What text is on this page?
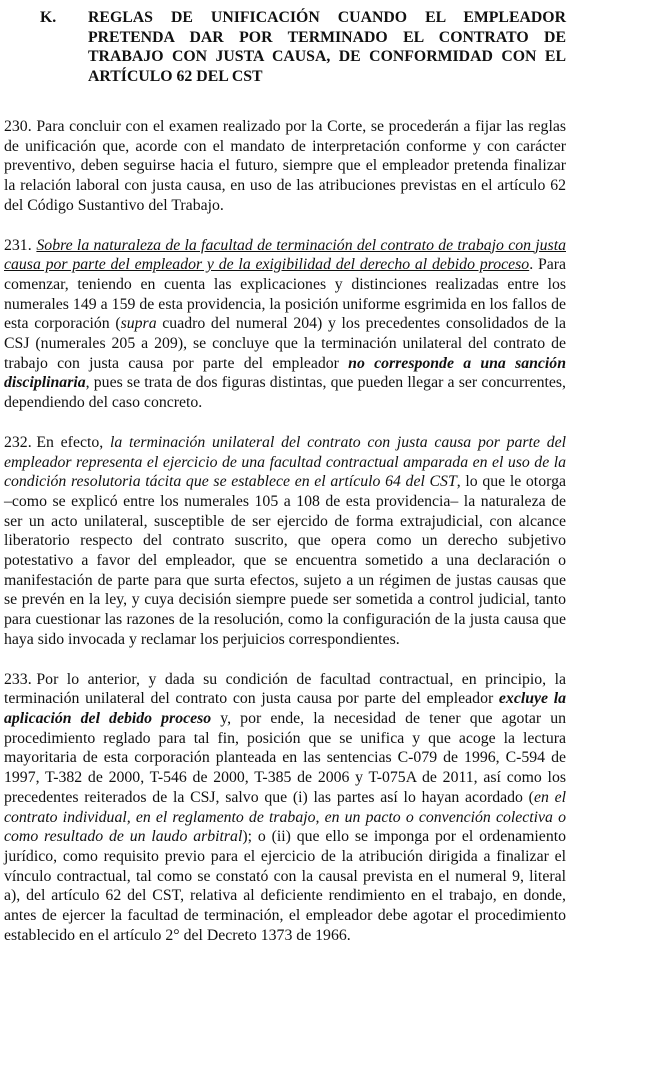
K.	REGLAS DE UNIFICACIÓN CUANDO EL EMPLEADOR PRETENDA DAR POR TERMINADO EL CONTRATO DE TRABAJO CON JUSTA CAUSA, DE CONFORMIDAD CON EL ARTÍCULO 62 DEL CST

230. Para concluir con el examen realizado por la Corte, se procederán a fijar las reglas de unificación que, acorde con el mandato de interpretación conforme y con carácter preventivo, deben seguirse hacia el futuro, siempre que el empleador pretenda finalizar la relación laboral con justa causa, en uso de las atribuciones previstas en el artículo 62 del Código Sustantivo del Trabajo.

231. Sobre la naturaleza de la facultad de terminación del contrato de trabajo con justa causa por parte del empleador y de la exigibilidad del derecho al debido proceso. Para comenzar, teniendo en cuenta las explicaciones y distinciones realizadas entre los numerales 149 a 159 de esta providencia, la posición uniforme esgrimida en los fallos de esta corporación (supra cuadro del numeral 204) y los precedentes consolidados de la CSJ (numerales 205 a 209), se concluye que la terminación unilateral del contrato de trabajo con justa causa por parte del empleador no corresponde a una sanción disciplinaria, pues se trata de dos figuras distintas, que pueden llegar a ser concurrentes, dependiendo del caso concreto.

232. En efecto, la terminación unilateral del contrato con justa causa por parte del empleador representa el ejercicio de una facultad contractual amparada en el uso de la condición resolutoria tácita que se establece en el artículo 64 del CST, lo que le otorga –como se explicó entre los numerales 105 a 108 de esta providencia– la naturaleza de ser un acto unilateral, susceptible de ser ejercido de forma extrajudicial, con alcance liberatorio respecto del contrato suscrito, que opera como un derecho subjetivo potestativo a favor del empleador, que se encuentra sometido a una declaración o manifestación de parte para que surta efectos, sujeto a un régimen de justas causas que se prevén en la ley, y cuya decisión siempre puede ser sometida a control judicial, tanto para cuestionar las razones de la resolución, como la configuración de la justa causa que haya sido invocada y reclamar los perjuicios correspondientes.

233. Por lo anterior, y dada su condición de facultad contractual, en principio, la terminación unilateral del contrato con justa causa por parte del empleador excluye la aplicación del debido proceso y, por ende, la necesidad de tener que agotar un procedimiento reglado para tal fin, posición que se unifica y que acoge la lectura mayoritaria de esta corporación planteada en las sentencias C-079 de 1996, C-594 de 1997, T-382 de 2000, T-546 de 2000, T-385 de 2006 y T-075A de 2011, así como los precedentes reiterados de la CSJ, salvo que (i) las partes así lo hayan acordado (en el contrato individual, en el reglamento de trabajo, en un pacto o convención colectiva o como resultado de un laudo arbitral); o (ii) que ello se imponga por el ordenamiento jurídico, como requisito previo para el ejercicio de la atribución dirigida a finalizar el vínculo contractual, tal como se constató con la causal prevista en el numeral 9, literal a), del artículo 62 del CST, relativa al deficiente rendimiento en el trabajo, en donde, antes de ejercer la facultad de terminación, el empleador debe agotar el procedimiento establecido en el artículo 2° del Decreto 1373 de 1966.
